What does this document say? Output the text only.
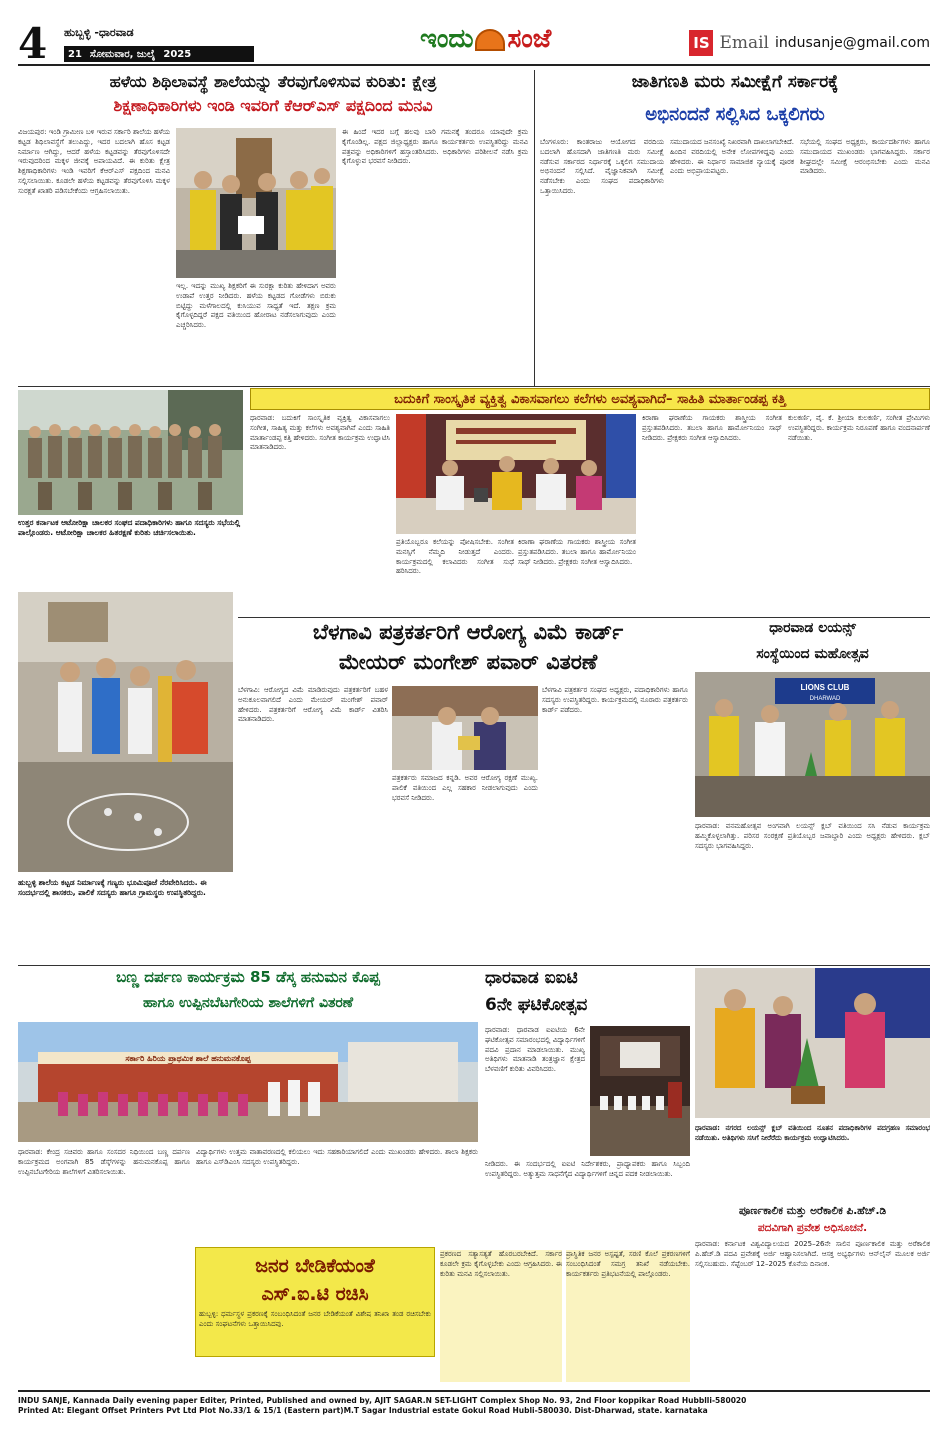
4 ಹುಬ್ಬಳ್ಳಿ -ಧಾರವಾಡ
21 ಸೋಮವಾರ, ಜುಲೈ 2025	ಇಂದು ಸಂಜೆ	IS Email indusanje@gmail.com
ಹಳೆಯ ಶಿಥಿಲಾವಸ್ಥೆ ಶಾಲೆಯನ್ನು ತೆರವುಗೊಳಿಸುವ ಕುರಿತು: ಕ್ಷೇತ್ರ
ಶಿಕ್ಷಣಾಧಿಕಾರಿಗಳು ಇಂಡಿ ಇವರಿಗೆ ಕೆಆರ್‌ಎಸ್ ಪಕ್ಷದಿಂದ ಮನವಿ
ವಿಜಯಪುರ: ಇಂಡಿ ಗ್ರಾಮೀಣ ಬಳಿ ಇರುವ ಸರ್ಕಾರಿ ಶಾಲೆಯ ಹಳೆಯ ಕಟ್ಟಡ ಶಿಥಿಲಾವಸ್ಥೆಗೆ ತಲುಪಿದ್ದು, ಇದರ ಬದಲಾಗಿ ಹೊಸ ಕಟ್ಟಡ ನಿರ್ಮಾಣ ಆಗಿದ್ದು, ಆದರೆ ಹಳೆಯ ಕಟ್ಟಡವನ್ನು ತೆರವುಗೊಳಿಸದೇ ಇರುವುದರಿಂದ ಮಕ್ಕಳ ಜೀವಕ್ಕೆ ಅಪಾಯವಿದೆ. ಈ ಕುರಿತು ಕ್ಷೇತ್ರ ಶಿಕ್ಷಣಾಧಿಕಾರಿಗಳು ಇಂಡಿ ಇವರಿಗೆ ಕೆಆರ್‌ಎಸ್ ಪಕ್ಷದಿಂದ ಮನವಿ ಸಲ್ಲಿಸಲಾಯಿತು. ಕೂಡಲೇ ಹಳೆಯ ಕಟ್ಟಡವನ್ನು ತೆರವುಗೊಳಿಸಿ ಮಕ್ಕಳ ಸುರಕ್ಷತೆ ಖಾತರಿ ಪಡಿಸಬೇಕೆಂದು ಆಗ್ರಹಿಸಲಾಯಿತು.
ಇಲ್ಲ. ಇದನ್ನು ಮುಖ್ಯ ಶಿಕ್ಷಕರಿಗೆ ಈ ಸುರಕ್ಷಾ ಕುರಿತು ಹೇಳಿದಾಗ ಅವರು ಉಡಾಪೆ ಉತ್ತರ ನೀಡಿದರು. ಹಳೆಯ ಕಟ್ಟಡದ ಗೋಡೆಗಳು ಬಿರುಕು ಬಿಟ್ಟಿದ್ದು ಮಳೆಗಾಲದಲ್ಲಿ ಕುಸಿಯುವ ಸಾಧ್ಯತೆ ಇದೆ. ತಕ್ಷಣ ಕ್ರಮ ಕೈಗೊಳ್ಳದಿದ್ದರೆ ಪಕ್ಷದ ವತಿಯಿಂದ ಹೋರಾಟ ನಡೆಸಲಾಗುವುದು ಎಂದು ಎಚ್ಚರಿಸಿದರು.
ಈ ಹಿಂದೆ ಇದರ ಬಗ್ಗೆ ಹಲವು ಬಾರಿ ಗಮನಕ್ಕೆ ತಂದರೂ ಯಾವುದೇ ಕ್ರಮ ಕೈಗೊಂಡಿಲ್ಲ. ಪಕ್ಷದ ಜಿಲ್ಲಾಧ್ಯಕ್ಷರು ಹಾಗೂ ಕಾರ್ಯಕರ್ತರು ಉಪಸ್ಥಿತರಿದ್ದು ಮನವಿ ಪತ್ರವನ್ನು ಅಧಿಕಾರಿಗಳಿಗೆ ಹಸ್ತಾಂತರಿಸಿದರು. ಅಧಿಕಾರಿಗಳು ಪರಿಶೀಲನೆ ನಡೆಸಿ ಕ್ರಮ ಕೈಗೊಳ್ಳುವ ಭರವಸೆ ನೀಡಿದರು.
ಜಾತಿಗಣತಿ ಮರು ಸಮೀಕ್ಷೆಗೆ ಸರ್ಕಾರಕ್ಕೆ
ಅಭಿನಂದನೆ ಸಲ್ಲಿಸಿದ ಒಕ್ಕಲಿಗರು
ಬೆಂಗಳೂರು: ಕಾಂತರಾಜು ಆಯೋಗದ ವರದಿಯ ಬದಲಾಗಿ ಹೊಸದಾಗಿ ಜಾತಿಗಣತಿ ಮರು ಸಮೀಕ್ಷೆ ನಡೆಸುವ ಸರ್ಕಾರದ ನಿರ್ಧಾರಕ್ಕೆ ಒಕ್ಕಲಿಗ ಸಮುದಾಯ ಅಭಿನಂದನೆ ಸಲ್ಲಿಸಿದೆ. ವೈಜ್ಞಾನಿಕವಾಗಿ ಸಮೀಕ್ಷೆ ನಡೆಸಬೇಕು ಎಂದು ಸಂಘದ ಪದಾಧಿಕಾರಿಗಳು ಒತ್ತಾಯಿಸಿದರು.
ಸಮುದಾಯದ ಜನಸಂಖ್ಯೆ ನಿಖರವಾಗಿ ದಾಖಲಾಗಬೇಕಿದೆ. ಹಿಂದಿನ ವರದಿಯಲ್ಲಿ ಅನೇಕ ಲೋಪಗಳಿದ್ದವು ಎಂದು ಹೇಳಿದರು. ಈ ನಿರ್ಧಾರ ಸಾಮಾಜಿಕ ನ್ಯಾಯಕ್ಕೆ ಪೂರಕ ಎಂದು ಅಭಿಪ್ರಾಯಪಟ್ಟರು.
ಸಭೆಯಲ್ಲಿ ಸಂಘದ ಅಧ್ಯಕ್ಷರು, ಕಾರ್ಯದರ್ಶಿಗಳು ಹಾಗೂ ಸಮುದಾಯದ ಮುಖಂಡರು ಭಾಗವಹಿಸಿದ್ದರು. ಸರ್ಕಾರ ಶೀಘ್ರದಲ್ಲೇ ಸಮೀಕ್ಷೆ ಆರಂಭಿಸಬೇಕು ಎಂದು ಮನವಿ ಮಾಡಿದರು.
ಉತ್ತರ ಕರ್ನಾಟಕ ಆಟೋರಿಕ್ಷಾ ಚಾಲಕರ ಸಂಘದ ಪದಾಧಿಕಾರಿಗಳು ಹಾಗೂ ಸದಸ್ಯರು ಸಭೆಯಲ್ಲಿ ಪಾಲ್ಗೊಂಡರು. ಆಟೋರಿಕ್ಷಾ ಚಾಲಕರ ಹಿತರಕ್ಷಣೆ ಕುರಿತು ಚರ್ಚಿಸಲಾಯಿತು.
ಬದುಕಿಗೆ ಸಾಂಸ್ಕೃತಿಕ ವ್ಯಕ್ತಿತ್ವ ವಿಕಾಸವಾಗಲು ಕಲೆಗಳು ಅವಶ್ಯವಾಗಿದೆ– ಸಾಹಿತಿ ಮಾರ್ತಾಂಡಪ್ಪ ಕತ್ತಿ
ಧಾರವಾಡ: ಬದುಕಿಗೆ ಸಾಂಸ್ಕೃತಿಕ ವ್ಯಕ್ತಿತ್ವ ವಿಕಾಸವಾಗಲು ಸಂಗೀತ, ಸಾಹಿತ್ಯ ಮತ್ತು ಕಲೆಗಳು ಅವಶ್ಯವಾಗಿವೆ ಎಂದು ಸಾಹಿತಿ ಮಾರ್ತಾಂಡಪ್ಪ ಕತ್ತಿ ಹೇಳಿದರು. ಸಂಗೀತ ಕಾರ್ಯಕ್ರಮ ಉದ್ಘಾಟಿಸಿ ಮಾತನಾಡಿದರು.
ಪ್ರತಿಯೊಬ್ಬರೂ ಕಲೆಯನ್ನು ಪೋಷಿಸಬೇಕು. ಸಂಗೀತ ಮನಸ್ಸಿಗೆ ನೆಮ್ಮದಿ ನೀಡುತ್ತದೆ ಎಂದರು. ಕಾರ್ಯಕ್ರಮದಲ್ಲಿ ಕಲಾವಿದರು ಸಂಗೀತ ಸುಧೆ ಹರಿಸಿದರು.
ಕಿರಾಣಾ ಘರಾಣೆಯ ಗಾಯಕರು ಶಾಸ್ತ್ರೀಯ ಸಂಗೀತ ಪ್ರಸ್ತುತಪಡಿಸಿದರು. ತಬಲಾ ಹಾಗೂ ಹಾರ್ಮೋನಿಯಂ ಸಾಥ್ ನೀಡಿದರು. ಪ್ರೇಕ್ಷಕರು ಸಂಗೀತ ಆಸ್ವಾದಿಸಿದರು.
ಕಿರಾಣಾ ಘರಾಣೆಯ ಗಾಯಕರು ಶಾಸ್ತ್ರೀಯ ಸಂಗೀತ ಪ್ರಸ್ತುತಪಡಿಸಿದರು. ತಬಲಾ ಹಾಗೂ ಹಾರ್ಮೋನಿಯಂ ಸಾಥ್ ನೀಡಿದರು. ಪ್ರೇಕ್ಷಕರು ಸಂಗೀತ ಆಸ್ವಾದಿಸಿದರು.
ಕುಲಕರ್ಣಿ, ವೈ. ಕೆ. ಶ್ರೀಯಾ ಕುಲಕರ್ಣಿ, ಸಂಗೀತ ಪ್ರೇಮಿಗಳು ಉಪಸ್ಥಿತರಿದ್ದರು. ಕಾರ್ಯಕ್ರಮ ನಿರೂಪಣೆ ಹಾಗೂ ವಂದನಾರ್ಪಣೆ ನಡೆಯಿತು.
ಹುಬ್ಬಳ್ಳಿ ಶಾಲೆಯ ಕಟ್ಟಡ ನಿರ್ಮಾಣಕ್ಕೆ ಗಣ್ಯರು ಭೂಮಿಪೂಜೆ ನೆರವೇರಿಸಿದರು. ಈ ಸಂದರ್ಭದಲ್ಲಿ ಶಾಸಕರು, ಪಾಲಿಕೆ ಸದಸ್ಯರು ಹಾಗೂ ಗ್ರಾಮಸ್ಥರು ಉಪಸ್ಥಿತರಿದ್ದರು.
ಬೆಳಗಾವಿ ಪತ್ರಕರ್ತರಿಗೆ ಆರೋಗ್ಯ ವಿಮೆ ಕಾರ್ಡ್
ಮೇಯರ್ ಮಂಗೇಶ್ ಪವಾರ್ ವಿತರಣೆ
ಬೆಳಗಾವಿ: ಆರೋಗ್ಯದ ವಿಮೆ ಮಾಡಿರುವುದು ಪತ್ರಕರ್ತರಿಗೆ ಬಹಳ ಅನುಕೂಲವಾಗಲಿದೆ ಎಂದು ಮೇಯರ್ ಮಂಗೇಶ್ ಪವಾರ್ ಹೇಳಿದರು. ಪತ್ರಕರ್ತರಿಗೆ ಆರೋಗ್ಯ ವಿಮೆ ಕಾರ್ಡ್ ವಿತರಿಸಿ ಮಾತನಾಡಿದರು.
ಪತ್ರಕರ್ತರು ಸಮಾಜದ ಕನ್ನಡಿ. ಅವರ ಆರೋಗ್ಯ ರಕ್ಷಣೆ ಮುಖ್ಯ. ಪಾಲಿಕೆ ವತಿಯಿಂದ ಎಲ್ಲ ಸಹಕಾರ ನೀಡಲಾಗುವುದು ಎಂದು ಭರವಸೆ ನೀಡಿದರು.
ಬೆಳಗಾವಿ ಪತ್ರಕರ್ತರ ಸಂಘದ ಅಧ್ಯಕ್ಷರು, ಪದಾಧಿಕಾರಿಗಳು ಹಾಗೂ ಸದಸ್ಯರು ಉಪಸ್ಥಿತರಿದ್ದರು. ಕಾರ್ಯಕ್ರಮದಲ್ಲಿ ನೂರಾರು ಪತ್ರಕರ್ತರು ಕಾರ್ಡ್ ಪಡೆದರು.
ಧಾರವಾಡ ಲಯನ್ಸ್
ಸಂಸ್ಥೆಯಿಂದ ಮಹೋತ್ಸವ
LIONS CLUB
DHARWAD
ಧಾರವಾಡ: ವನಮಹೋತ್ಸವ ಅಂಗವಾಗಿ ಲಯನ್ಸ್ ಕ್ಲಬ್ ವತಿಯಿಂದ ಸಸಿ ನೆಡುವ ಕಾರ್ಯಕ್ರಮ ಹಮ್ಮಿಕೊಳ್ಳಲಾಗಿತ್ತು. ಪರಿಸರ ಸಂರಕ್ಷಣೆ ಪ್ರತಿಯೊಬ್ಬರ ಜವಾಬ್ದಾರಿ ಎಂದು ಅಧ್ಯಕ್ಷರು ಹೇಳಿದರು. ಕ್ಲಬ್ ಸದಸ್ಯರು ಭಾಗವಹಿಸಿದ್ದರು.
ಬಣ್ಣ ದರ್ಪಣ ಕಾರ್ಯಕ್ರಮ 85 ಡೆಸ್ಕ ಹನುಮನ ಕೊಪ್ಪ
ಹಾಗೂ ಉಪ್ಪಿನಬೆಟಗೇರಿಯ ಶಾಲೆಗಳಿಗೆ ವಿತರಣೆ
ಸರ್ಕಾರಿ ಹಿರಿಯ ಪ್ರಾಥಮಿಕ ಶಾಲೆ ಹನುಮನಕೊಪ್ಪ
ಧಾರವಾಡ: ಕೇಂದ್ರ ಸಚಿವರು ಹಾಗೂ ಸಂಸದರ ನಿಧಿಯಿಂದ ಬಣ್ಣ ದರ್ಪಣ ಕಾರ್ಯಕ್ರಮದ ಅಂಗವಾಗಿ 85 ಡೆಸ್ಕ್‌ಗಳನ್ನು ಹನುಮನಕೊಪ್ಪ ಹಾಗೂ ಉಪ್ಪಿನಬೆಟಗೇರಿಯ ಶಾಲೆಗಳಿಗೆ ವಿತರಿಸಲಾಯಿತು.
ವಿದ್ಯಾರ್ಥಿಗಳು ಉತ್ತಮ ವಾತಾವರಣದಲ್ಲಿ ಕಲಿಯಲು ಇದು ಸಹಕಾರಿಯಾಗಲಿದೆ ಎಂದು ಮುಖಂಡರು ಹೇಳಿದರು. ಶಾಲಾ ಶಿಕ್ಷಕರು ಹಾಗೂ ಎಸ್‌ಡಿಎಂಸಿ ಸದಸ್ಯರು ಉಪಸ್ಥಿತರಿದ್ದರು.
ಧಾರವಾಡ ಐಐಟಿ
6ನೇ ಘಟಿಕೋತ್ಸವ
ಧಾರವಾಡ: ಧಾರವಾಡ ಐಐಟಿಯ 6ನೇ ಘಟಿಕೋತ್ಸವ ಸಮಾರಂಭದಲ್ಲಿ ವಿದ್ಯಾರ್ಥಿಗಳಿಗೆ ಪದವಿ ಪ್ರದಾನ ಮಾಡಲಾಯಿತು. ಮುಖ್ಯ ಅತಿಥಿಗಳು ಮಾತನಾಡಿ ತಂತ್ರಜ್ಞಾನ ಕ್ಷೇತ್ರದ ಬೆಳವಣಿಗೆ ಕುರಿತು ವಿವರಿಸಿದರು.
ನೀಡಿದರು. ಈ ಸಂದರ್ಭದಲ್ಲಿ ಐಐಟಿ ನಿರ್ದೇಶಕರು, ಪ್ರಾಧ್ಯಾಪಕರು ಹಾಗೂ ಸಿಬ್ಬಂದಿ ಉಪಸ್ಥಿತರಿದ್ದರು. ಅತ್ಯುತ್ತಮ ಸಾಧನೆಗೈದ ವಿದ್ಯಾರ್ಥಿಗಳಿಗೆ ಚಿನ್ನದ ಪದಕ ನೀಡಲಾಯಿತು.
ಜನರ ಬೇಡಿಕೆಯಂತೆ
ಎಸ್.ಐ.ಟಿ ರಚಿಸಿ
ಹುಬ್ಬಳ್ಳಿ: ಧರ್ಮಸ್ಥಳ ಪ್ರಕರಣಕ್ಕೆ ಸಂಬಂಧಿಸಿದಂತೆ ಜನರ ಬೇಡಿಕೆಯಂತೆ ವಿಶೇಷ ತನಿಖಾ ತಂಡ ರಚಿಸಬೇಕು ಎಂದು ಸಂಘಟನೆಗಳು ಒತ್ತಾಯಿಸಿದವು.
ಪ್ರಕರಣದ ಸತ್ಯಾಸತ್ಯತೆ ಹೊರಬರಬೇಕಿದೆ. ಸರ್ಕಾರ ಕೂಡಲೇ ಕ್ರಮ ಕೈಗೊಳ್ಳಬೇಕು ಎಂದು ಆಗ್ರಹಿಸಿದರು. ಈ ಕುರಿತು ಮನವಿ ಸಲ್ಲಿಸಲಾಯಿತು.
ಪ್ರಾಸ್ಥಿತಿಕ ಜನರ ಅಸ್ಪಷ್ಟತೆ, ಸರಣಿ ಕೊಲೆ ಪ್ರಕರಣಗಳಿಗೆ ಸಂಬಂಧಿಸಿದಂತೆ ಸಮಗ್ರ ತನಿಖೆ ನಡೆಯಬೇಕು. ಕಾರ್ಯಕರ್ತರು ಪ್ರತಿಭಟನೆಯಲ್ಲಿ ಪಾಲ್ಗೊಂಡರು.
ಧಾರವಾಡ: ನಗರದ ಲಯನ್ಸ್ ಕ್ಲಬ್ ವತಿಯಿಂದ ನೂತನ ಪದಾಧಿಕಾರಿಗಳ ಪದಗ್ರಹಣ ಸಮಾರಂಭ ನಡೆಯಿತು. ಅತಿಥಿಗಳು ಸಸಿಗೆ ನೀರೆರೆದು ಕಾರ್ಯಕ್ರಮ ಉದ್ಘಾಟಿಸಿದರು.
ಪೂರ್ಣಕಾಲಿಕ ಮತ್ತು ಅರೆಕಾಲಿಕ ಪಿ.ಹೆಚ್.ಡಿ
ಪದವಿಗಾಗಿ ಪ್ರವೇಶ ಅಧಿಸೂಚನೆ.
ಧಾರವಾಡ: ಕರ್ನಾಟಕ ವಿಶ್ವವಿದ್ಯಾಲಯದ 2025–26ನೇ ಸಾಲಿನ ಪೂರ್ಣಕಾಲಿಕ ಮತ್ತು ಅರೆಕಾಲಿಕ ಪಿ.ಹೆಚ್.ಡಿ ಪದವಿ ಪ್ರವೇಶಕ್ಕೆ ಅರ್ಜಿ ಆಹ್ವಾನಿಸಲಾಗಿದೆ. ಆಸಕ್ತ ಅಭ್ಯರ್ಥಿಗಳು ಆನ್‌ಲೈನ್ ಮೂಲಕ ಅರ್ಜಿ ಸಲ್ಲಿಸಬಹುದು. ಸೆಪ್ಟೆಂಬರ್ 12–2025 ಕೊನೆಯ ದಿನಾಂಕ.
INDU SANJE, Kannada Daily evening paper Editer, Printed, Published and owned by, AJIT SAGAR.N SET-LIGHT Complex Shop No. 93, 2nd Floor koppikar Road Hubblli-580020
Printed At: Elegant Offset Printers Pvt Ltd Plot No.33/1 & 15/1 (Eastern part)M.T Sagar Industrial estate Gokul Road Hubli-580030. Dist-Dharwad, state. karnataka
